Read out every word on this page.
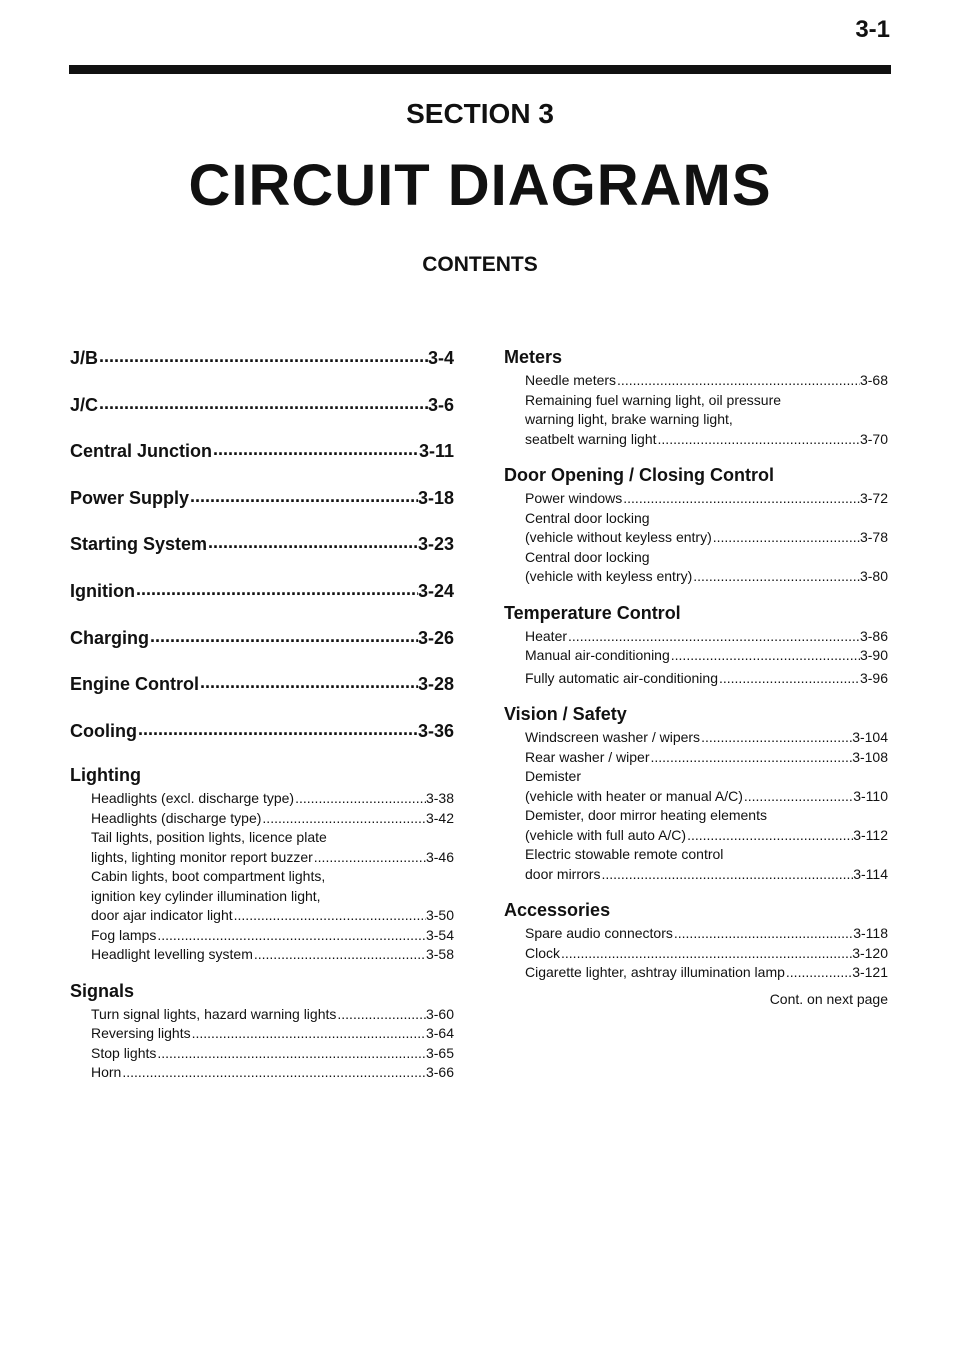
3-1
SECTION 3
CIRCUIT DIAGRAMS
CONTENTS
J/B .....	3-4
J/C .....	3-6
Central Junction .....	3-11
Power Supply .....	3-18
Starting System .....	3-23
Ignition .....	3-24
Charging .....	3-26
Engine Control .....	3-28
Cooling .....	3-36
Lighting
Headlights (excl. discharge type) .....	3-38
Headlights (discharge type) .....	3-42
Tail lights, position lights, licence plate
lights, lighting monitor report buzzer .....	3-46
Cabin lights, boot compartment lights,
ignition key cylinder illumination light,
door ajar indicator light .....	3-50
Fog lamps .....	3-54
Headlight levelling system .....	3-58
Signals
Turn signal lights, hazard warning lights .....	3-60
Reversing lights .....	3-64
Stop lights .....	3-65
Horn .....	3-66
Meters
Needle meters .....	3-68
Remaining fuel warning light, oil pressure
warning light, brake warning light,
seatbelt warning light .....	3-70
Door Opening / Closing Control
Power windows .....	3-72
Central door locking
(vehicle without keyless entry) .....	3-78
Central door locking
(vehicle with keyless entry) .....	3-80
Temperature Control
Heater .....	3-86
Manual air-conditioning .....	3-90
Fully automatic air-conditioning .....	3-96
Vision / Safety
Windscreen washer / wipers .....	3-104
Rear washer / wiper .....	3-108
Demister
(vehicle with heater or manual A/C) .....	3-110
Demister, door mirror heating elements
(vehicle with full auto A/C) .....	3-112
Electric stowable remote control
door mirrors .....	3-114
Accessories
Spare audio connectors .....	3-118
Clock .....	3-120
Cigarette lighter, ashtray illumination lamp .....	3-121
Cont. on next page
